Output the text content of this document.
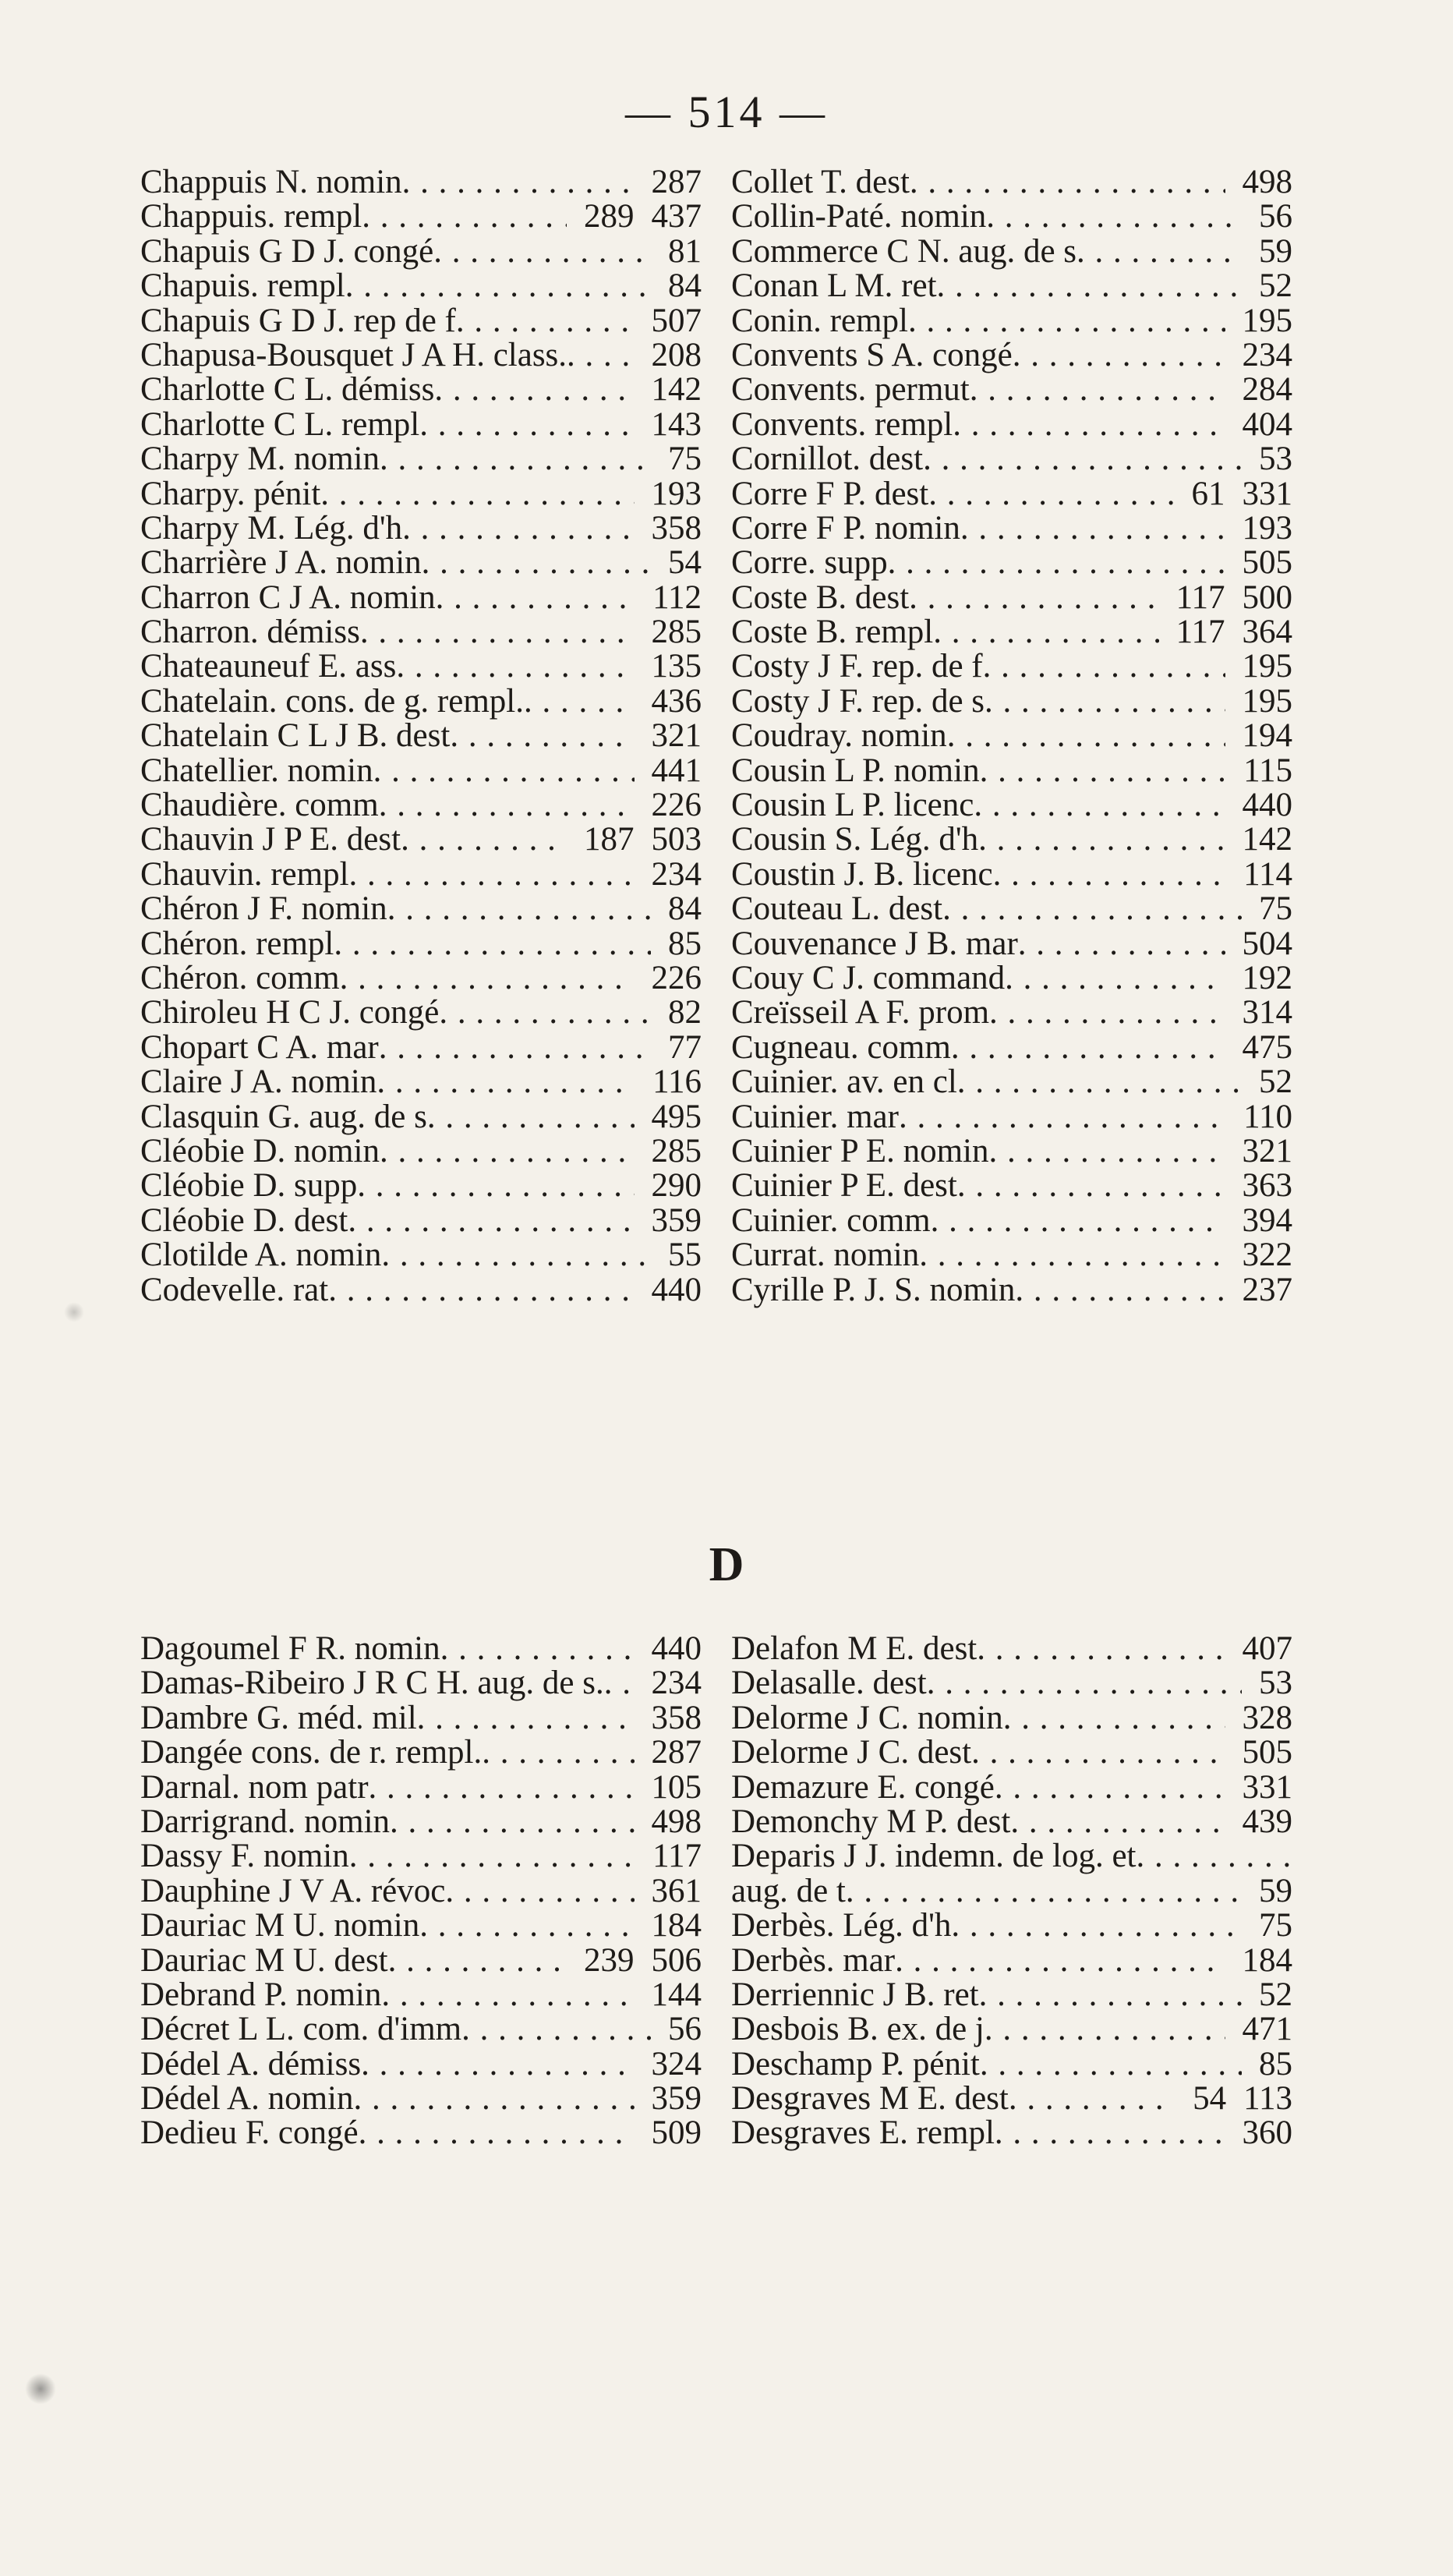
— 514 —
Chappuis N. nomin . . .	287
Chappuis. rempl . . .	289 437
Chapuis G D J. congé . . .	81
Chapuis. rempl . . .	84
Chapuis G D J. rep de f . . .	507
Chapusa-Bousquet J A H. class. . . .	208
Charlotte C L. démiss . . .	142
Charlotte C L. rempl . . .	143
Charpy M. nomin . . .	75
Charpy. pénit . . .	193
Charpy M. Lég. d'h . . .	358
Charrière J A. nomin . . .	54
Charron C J A. nomin . . .	112
Charron. démiss . . .	285
Chateauneuf E. ass . . .	135
Chatelain. cons. de g. rempl. . . .	436
Chatelain C L J B. dest . . .	321
Chatellier. nomin . . .	441
Chaudière. comm . . .	226
Chauvin J P E. dest . . .	187 503
Chauvin. rempl . . .	234
Chéron J F. nomin . . .	84
Chéron. rempl . . .	85
Chéron. comm . . .	226
Chiroleu H C J. congé . . .	82
Chopart C A. mar . . .	77
Claire J A. nomin . . .	116
Clasquin G. aug. de s . . .	495
Cléobie D. nomin . . .	285
Cléobie D. supp . . .	290
Cléobie D. dest . . .	359
Clotilde A. nomin . . .	55
Codevelle. rat . . .	440
Collet T. dest . . .	498
Collin-Paté. nomin . . .	56
Commerce C N. aug. de s . . .	59
Conan L M. ret . . .	52
Conin. rempl . . .	195
Convents S A. congé . . .	234
Convents. permut . . .	284
Convents. rempl . . .	404
Cornillot. dest . . .	53
Corre F P. dest . . .	61 331
Corre F P. nomin . . .	193
Corre. supp . . .	505
Coste B. dest . . .	117 500
Coste B. rempl . . .	117 364
Costy J F. rep. de f . . .	195
Costy J F. rep. de s . . .	195
Coudray. nomin . . .	194
Cousin L P. nomin . . .	115
Cousin L P. licenc . . .	440
Cousin S. Lég. d'h . . .	142
Coustin J. B. licenc . . .	114
Couteau L. dest . . .	75
Couvenance J B. mar . . .	504
Couy C J. command . . .	192
Creïsseil A F. prom . . .	314
Cugneau. comm . . .	475
Cuinier. av. en cl . . .	52
Cuinier. mar . . .	110
Cuinier P E. nomin . . .	321
Cuinier P E. dest . . .	363
Cuinier. comm . . .	394
Currat. nomin . . .	322
Cyrille P. J. S. nomin . . .	237
D
Dagoumel F R. nomin . . .	440
Damas-Ribeiro J R C H. aug. de s. . . . 234
Dambre G. méd. mil . . .	358
Dangée cons. de r. rempl. . . .	287
Darnal. nom patr . . .	105
Darrigrand. nomin . . .	498
Dassy F. nomin . . .	117
Dauphine J V A. révoc . . .	361
Dauriac M U. nomin . . .	184
Dauriac M U. dest . . .	239 506
Debrand P. nomin . . .	144
Décret L L. com. d'imm . . .	56
Dédel A. démiss . . .	324
Dédel A. nomin . . .	359
Dedieu F. congé . . .	509
Delafon M E. dest . . .	407
Delasalle. dest . . .	53
Delorme J C. nomin . . .	328
Delorme J C. dest . . .	505
Demazure E. congé . . .	331
Demonchy M P. dest . . .	439
Deparis J J. indemn. de log. et
. . .
aug. de t . . .	59
Derbès. Lég. d'h . . .	75
Derbès. mar . . .	184
Derriennic J B. ret . . .	52
Desbois B. ex. de j . . .	471
Deschamp P. pénit . . .	85
Desgraves M E. dest . . .	54 113
Desgraves E. rempl . . .	360
